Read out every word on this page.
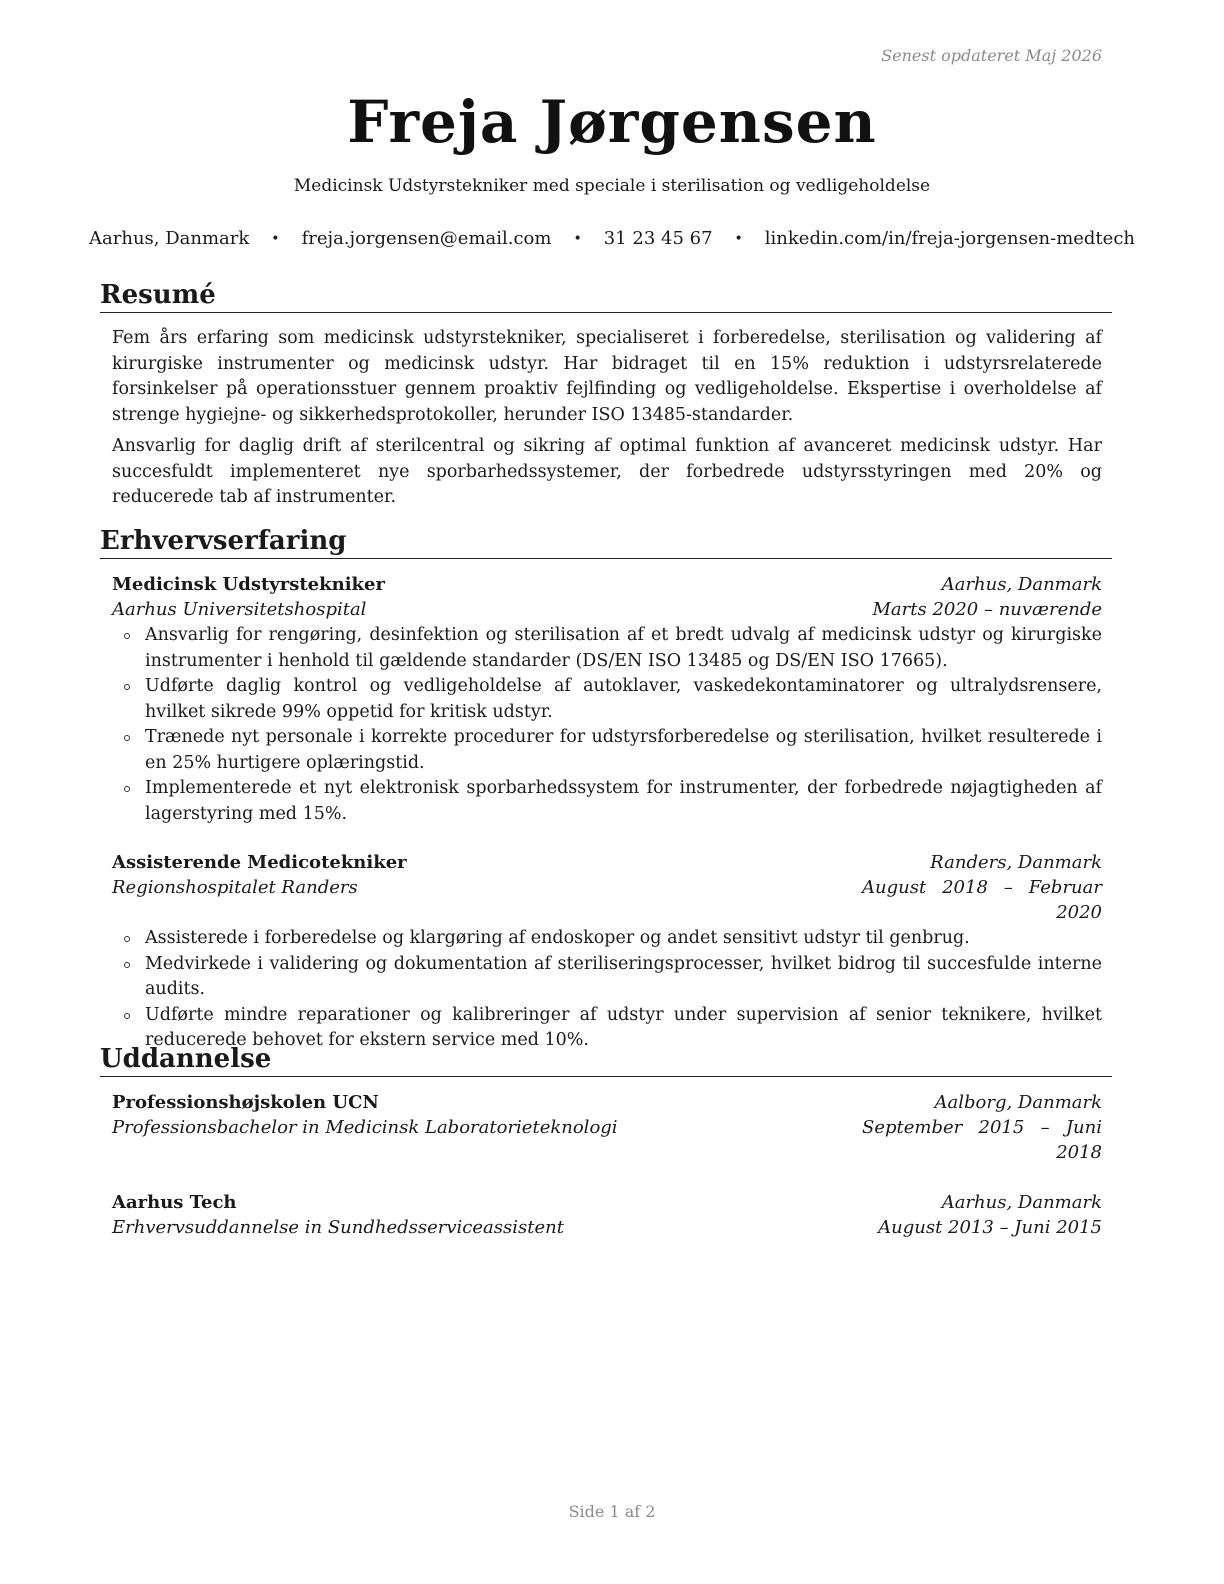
Senest opdateret Maj 2026
Freja Jørgensen
Medicinsk Udstyrstekniker med speciale i sterilisation og vedligeholdelse
Aarhus, Danmark • freja.jorgensen@email.com • 31 23 45 67 • linkedin.com/in/freja-jorgensen-medtech
Resumé

Fem års erfaring som medicinsk udstyrstekniker, specialiseret i forberedelse, sterilisation og validering af kirurgiske instrumenter og medicinsk udstyr. Har bidraget til en 15% reduktion i udstyrsrelaterede forsinkelser på operationsstuer gennem proaktiv fejlfinding og vedligeholdelse. Ekspertise i overholdelse af strenge hygiejne- og sikkerhedsprotokoller, herunder ISO 13485-standarder.

Ansvarlig for daglig drift af sterilcentral og sikring af optimal funktion af avanceret medicinsk udstyr. Har succesfuldt implementeret nye sporbarhedssystemer, der forbedrede udstyrsstyringen med 20% og reducerede tab af instrumenter.

Erhvervserfaring
Medicinsk Udstyrstekniker	Aarhus, Danmark
Aarhus Universitetshospital	Marts 2020 – nuværende
Ansvarlig for rengøring, desinfektion og sterilisation af et bredt udvalg af medicinsk udstyr og kirurgiske instrumenter i henhold til gældende standarder (DS/EN ISO 13485 og DS/EN ISO 17665).
Udførte daglig kontrol og vedligeholdelse af autoklaver, vaskedekontaminatorer og ultralydsrensere, hvilket sikrede 99% oppetid for kritisk udstyr.
Trænede nyt personale i korrekte procedurer for udstyrsforberedelse og sterilisation, hvilket resulterede i en 25% hurtigere oplæringstid.
Implementerede et nyt elektronisk sporbarhedssystem for instrumenter, der forbedrede nøjagtigheden af lagerstyring med 15%.
Assisterende Medicotekniker	Randers, Danmark
Regionshospitalet Randers	August 2018 – Februar 2020
Assisterede i forberedelse og klargøring af endoskoper og andet sensitivt udstyr til genbrug.
Medvirkede i validering og dokumentation af steriliseringsprocesser, hvilket bidrog til succesfulde interne audits.
Udførte mindre reparationer og kalibreringer af udstyr under supervision af senior teknikere, hvilket reducerede behovet for ekstern service med 10%.
Uddannelse
Professionshøjskolen UCN	Aalborg, Danmark
Professionsbachelor in Medicinsk Laboratorieteknologi	September 2015 – Juni 2018
Aarhus Tech	Aarhus, Danmark
Erhvervsuddannelse in Sundhedsserviceassistent	August 2013 – Juni 2015
Side 1 af 2
